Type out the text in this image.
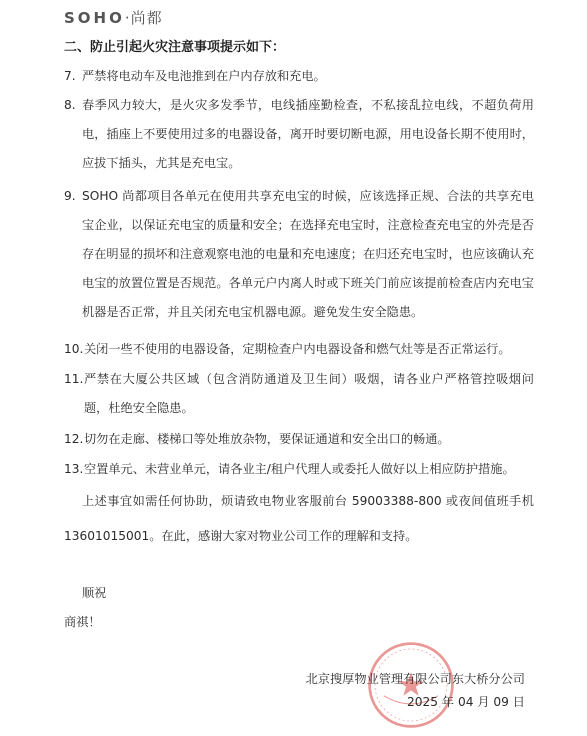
SOHO·尚都
二、防止引起火灾注意事项提示如下：
7. 严禁将电动车及电池推到在户内存放和充电。
8. 春季风力较大，是火灾多发季节，电线插座勤检查，不私接乱拉电线，不超负荷用电，插座上不要使用过多的电器设备，离开时要切断电源，用电设备长期不使用时，应拔下插头，尤其是充电宝。
9. SOHO 尚都项目各单元在使用共享充电宝的时候，应该选择正规、合法的共享充电宝企业，以保证充电宝的质量和安全；在选择充电宝时，注意检查充电宝的外壳是否存在明显的损坏和注意观察电池的电量和充电速度；在归还充电宝时，也应该确认充电宝的放置位置是否规范。各单元户内离人时或下班关门前应该提前检查店内充电宝机器是否正常，并且关闭充电宝机器电源。避免发生安全隐患。
10. 关闭一些不使用的电器设备，定期检查户内电器设备和燃气灶等是否正常运行。
11. 严禁在大厦公共区域（包含消防通道及卫生间）吸烟，请各业户严格管控吸烟问题，杜绝安全隐患。
12. 切勿在走廊、楼梯口等处堆放杂物，要保证通道和安全出口的畅通。
13. 空置单元、未营业单元，请各业主/租户代理人或委托人做好以上相应防护措施。
上述事宜如需任何协助，烦请致电物业客服前台 59003388-800 或夜间值班手机 13601015001。在此，感谢大家对物业公司工作的理解和支持。
顺祝
商祺！
北京搜厚物业管理有限公司东大桥分公司
2025 年 04 月 09 日
